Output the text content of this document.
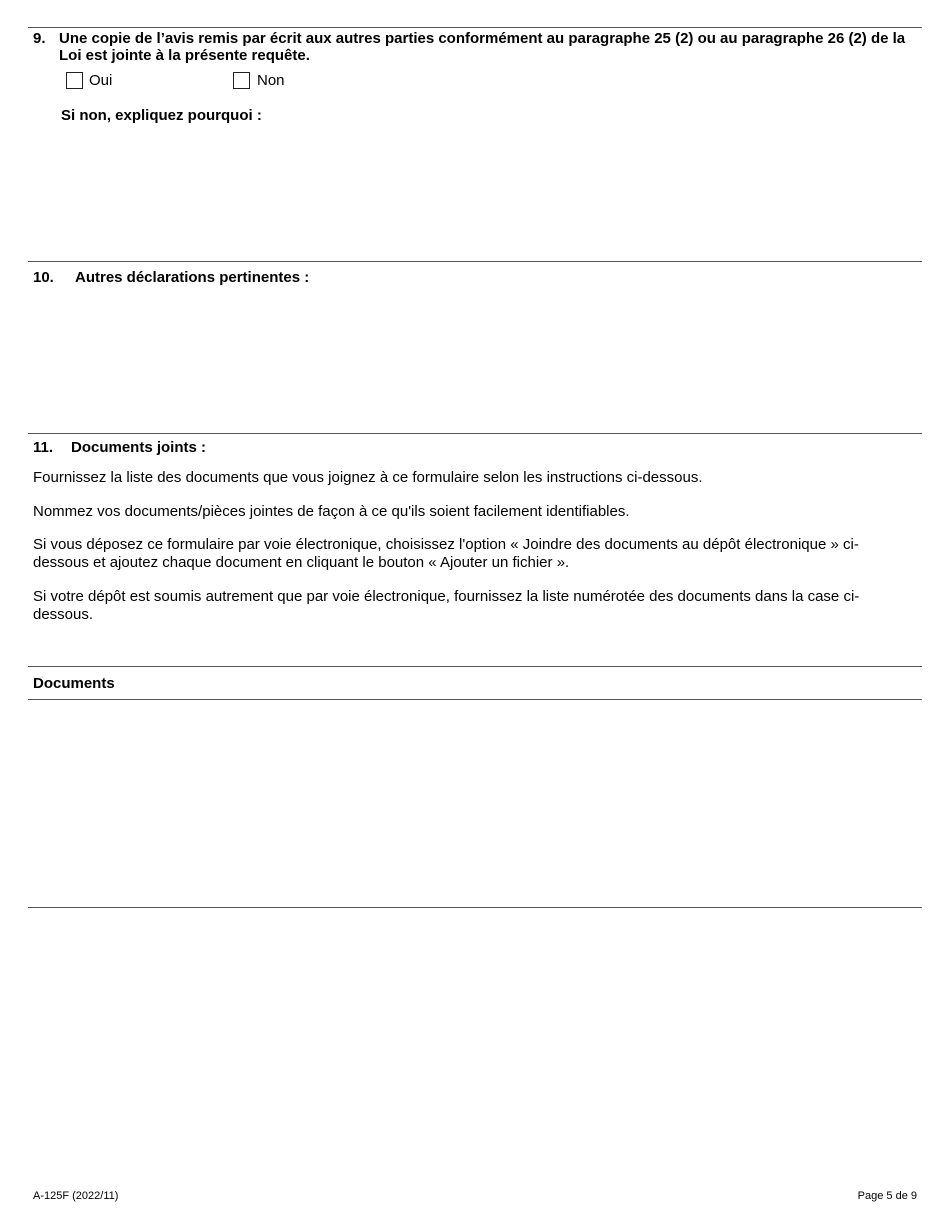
9. Une copie de l’avis remis par écrit aux autres parties conformément au paragraphe 25 (2) ou au paragraphe 26 (2) de la Loi est jointe à la présente requête.
Oui	Non
Si non, expliquez pourquoi :
10. Autres déclarations pertinentes :
11. Documents joints :
Fournissez la liste des documents que vous joignez à ce formulaire selon les instructions ci-dessous.
Nommez vos documents/pièces jointes de façon à ce qu'ils soient facilement identifiables.
Si vous déposez ce formulaire par voie électronique, choisissez l'option « Joindre des documents au dépôt électronique » ci-dessous et ajoutez chaque document en cliquant le bouton « Ajouter un fichier ».
Si votre dépôt est soumis autrement que par voie électronique, fournissez la liste numérotée des documents dans la case ci-dessous.
Documents
A-125F (2022/11)	Page 5 de 9
